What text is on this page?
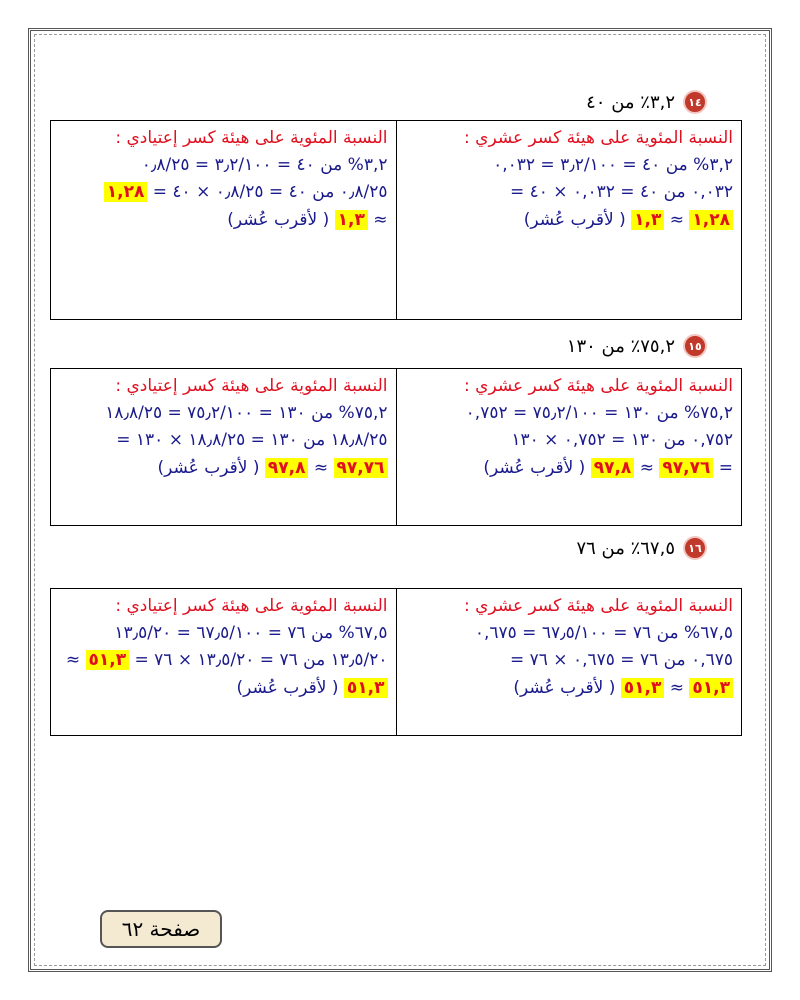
١٤
٣,٢٪ من ٤٠
النسبة المئوية على هيئة كسر إعتيادي :
٣,٢% من ٤٠ = ٣٫٢/١٠٠ = ٠٫٨/٢٥
٠٫٨/٢٥ من ٤٠ = ٠٫٨/٢٥ × ٤٠ = ١,٢٨
≈ ١,٣ ( لأقرب عُشر)
النسبة المئوية على هيئة كسر عشري :
٣,٢% من ٤٠ = ٣٫٢/١٠٠ = ٠,٠٣٢
٠,٠٣٢ من ٤٠ = ٠,٠٣٢ × ٤٠ =
١,٢٨ ≈ ١,٣ ( لأقرب عُشر)
١٥
٧٥,٢٪ من ١٣٠
النسبة المئوية على هيئة كسر إعتيادي :
٧٥,٢% من ١٣٠ = ٧٥٫٢/١٠٠ = ١٨٫٨/٢٥
١٨٫٨/٢٥ من ١٣٠ = ١٨٫٨/٢٥ × ١٣٠ =
٩٧,٧٦ ≈ ٩٧,٨ ( لأقرب عُشر)
النسبة المئوية على هيئة كسر عشري :
٧٥,٢% من ١٣٠ = ٧٥٫٢/١٠٠ = ٠,٧٥٢
٠,٧٥٢ من ١٣٠ = ٠,٧٥٢ × ١٣٠
= ٩٧,٧٦ ≈ ٩٧,٨ ( لأقرب عُشر)
١٦
٦٧,٥٪ من ٧٦
النسبة المئوية على هيئة كسر إعتيادي :
٦٧,٥% من ٧٦ = ٦٧٫٥/١٠٠ = ١٣٫٥/٢٠
١٣٫٥/٢٠ من ٧٦ = ١٣٫٥/٢٠ × ٧٦ = ٥١,٣ ≈
٥١,٣ ( لأقرب عُشر)
النسبة المئوية على هيئة كسر عشري :
٦٧,٥% من ٧٦ = ٦٧٫٥/١٠٠ = ٠,٦٧٥
٠,٦٧٥ من ٧٦ = ٠,٦٧٥ × ٧٦ =
٥١,٣ ≈ ٥١,٣ ( لأقرب عُشر)
صفحة ٦٢
